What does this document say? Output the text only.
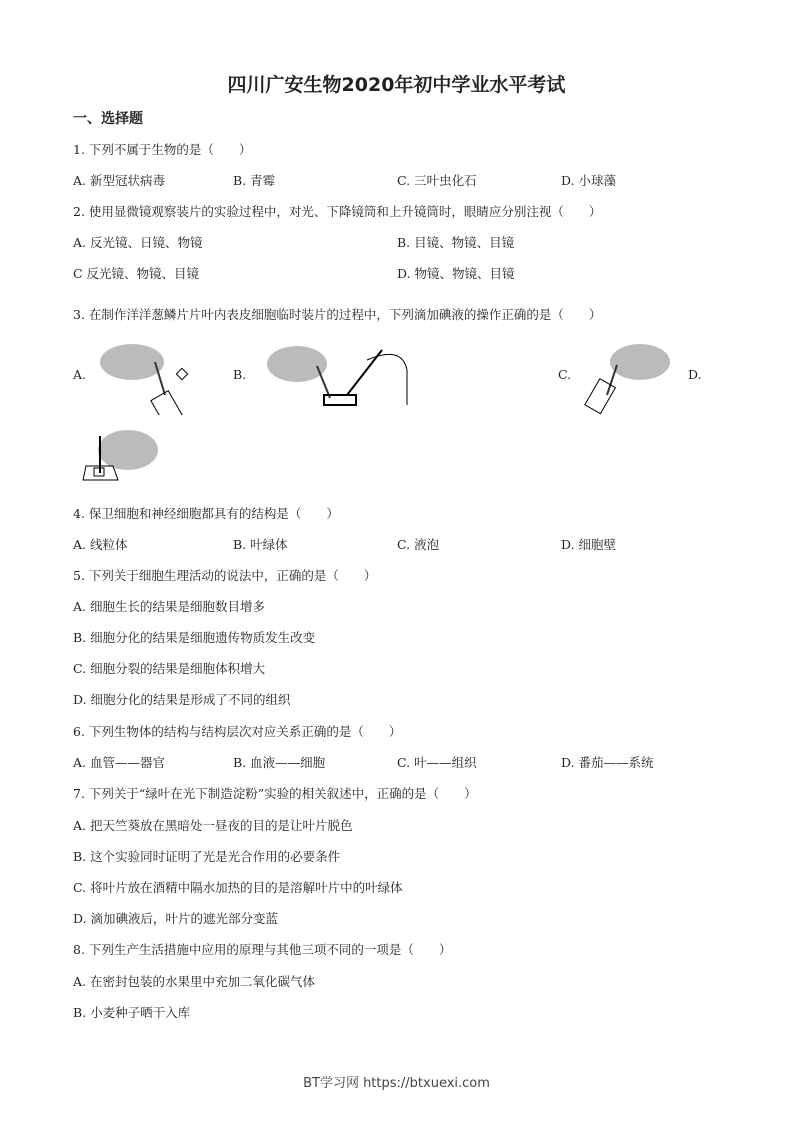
四川广安生物2020年初中学业水平考试
一、选择题
1. 下列不属于生物的是（　　）
A. 新型冠状病毒	B. 青霉	C. 三叶虫化石	D. 小球藻
2. 使用显微镜观察装片的实验过程中，对光、下降镜筒和上升镜筒时，眼睛应分别注视（　　）
A. 反光镜、日镜、物镜	B. 目镜、物镜、目镜
C 反光镜、物镜、目镜	D. 物镜、物镜、目镜
3. 在制作洋洋葱鳞片片叶内表皮细胞临时装片的过程中，下列滴加碘液的操作正确的是（　　）
A.	B.	C.	D.
4. 保卫细胞和神经细胞都具有的结构是（　　）
A. 线粒体	B. 叶绿体	C. 液泡	D. 细胞壁
5. 下列关于细胞生理活动的说法中，正确的是（　　）
A. 细胞生长的结果是细胞数目增多
B. 细胞分化的结果是细胞遗传物质发生改变
C. 细胞分裂的结果是细胞体积增大
D. 细胞分化的结果是形成了不同的组织
6. 下列生物体的结构与结构层次对应关系正确的是（　　）
A. 血管——器官	B. 血液——细胞	C. 叶——组织	D. 番茄——系统
7. 下列关于“绿叶在光下制造淀粉”实验的相关叙述中，正确的是（　　）
A. 把天竺葵放在黑暗处一昼夜的目的是让叶片脱色
B. 这个实验同时证明了光是光合作用的必要条件
C. 将叶片放在酒精中隔水加热的目的是溶解叶片中的叶绿体
D. 滴加碘液后，叶片的遮光部分变蓝
8. 下列生产生活措施中应用的原理与其他三项不同的一项是（　　）
A. 在密封包装的水果里中充加二氧化碳气体
B. 小麦种子晒干入库
BT学习网 https://btxuexi.com
